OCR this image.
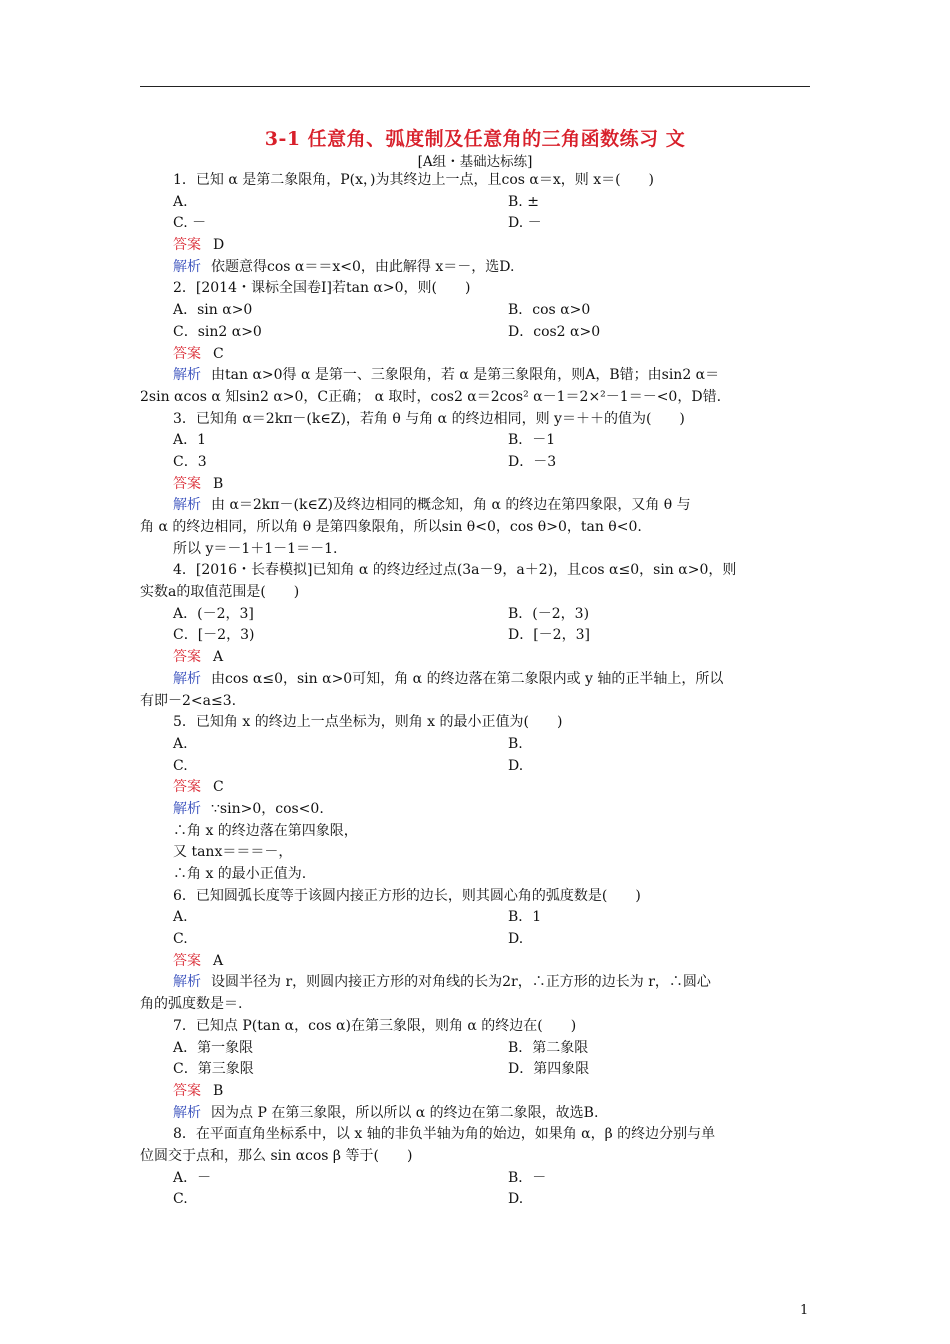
3-1 任意角、弧度制及任意角的三角函数练习 文
[A组・基础达标练]
1．已知 α 是第二象限角，P(x，)为其终边上一点，且cos α＝x，则 x＝(　　)
A.	B. ±
C. －	D. －
答案 D
解析 依题意得cos α＝＝x<0，由此解得 x＝－，选D.
2．[2014・课标全国卷Ⅰ]若tan α>0，则(　　)
A．sin α>0	B．cos α>0
C．sin2 α>0	D．cos2 α>0
答案 C
解析 由tan α>0得 α 是第一、三象限角，若 α 是第三象限角，则A，B错；由sin2 α＝
2sin αcos α 知sin2 α>0，C正确； α 取时，cos2 α＝2cos² α－1＝2×²－1＝－<0，D错.
3．已知角 α＝2kπ－(k∈Z)，若角 θ 与角 α 的终边相同，则 y＝＋＋的值为(　　)
A．1	B．－1
C．3	D．－3
答案 B
解析 由 α＝2kπ－(k∈Z)及终边相同的概念知，角 α 的终边在第四象限，又角 θ 与
角 α 的终边相同，所以角 θ 是第四象限角，所以sin θ<0，cos θ>0，tan θ<0.
所以 y＝－1＋1－1＝－1.
4．[2016・长春模拟]已知角 α 的终边经过点(3a－9，a＋2)，且cos α≤0，sin α>0，则
实数a的取值范围是(　　)
A．(－2，3]	B．(－2，3)
C．[－2，3)	D．[－2，3]
答案 A
解析 由cos α≤0，sin α>0可知，角 α 的终边落在第二象限内或 y 轴的正半轴上，所以
有即－2<a≤3.
5．已知角 x 的终边上一点坐标为，则角 x 的最小正值为(　　)
A.	B.
C.	D.
答案 C
解析 ∵sin>0，cos<0.
∴角 x 的终边落在第四象限，
又 tanx＝＝＝－，
∴角 x 的最小正值为.
6．已知圆弧长度等于该圆内接正方形的边长，则其圆心角的弧度数是(　　)
A.	B．1
C.	D.
答案 A
解析 设圆半径为 r，则圆内接正方形的对角线的长为2r，∴正方形的边长为 r，∴圆心
角的弧度数是＝.
7．已知点 P(tan α，cos α)在第三象限，则角 α 的终边在(　　)
A．第一象限	B．第二象限
C．第三象限	D．第四象限
答案 B
解析 因为点 P 在第三象限，所以所以 α 的终边在第二象限，故选B.
8．在平面直角坐标系中，以 x 轴的非负半轴为角的始边，如果角 α，β 的终边分别与单
位圆交于点和，那么 sin αcos β 等于(　　)
A．－	B．－
C.	D.
1
